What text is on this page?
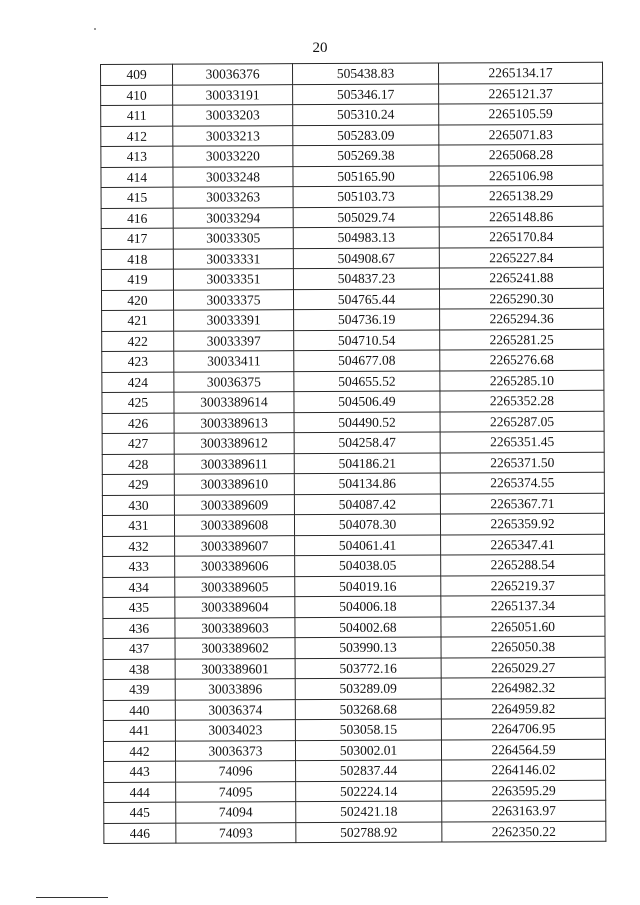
20
409	30036376	505438.83	2265134.17
410	30033191	505346.17	2265121.37
411	30033203	505310.24	2265105.59
412	30033213	505283.09	2265071.83
413	30033220	505269.38	2265068.28
414	30033248	505165.90	2265106.98
415	30033263	505103.73	2265138.29
416	30033294	505029.74	2265148.86
417	30033305	504983.13	2265170.84
418	30033331	504908.67	2265227.84
419	30033351	504837.23	2265241.88
420	30033375	504765.44	2265290.30
421	30033391	504736.19	2265294.36
422	30033397	504710.54	2265281.25
423	30033411	504677.08	2265276.68
424	30036375	504655.52	2265285.10
425	3003389614	504506.49	2265352.28
426	3003389613	504490.52	2265287.05
427	3003389612	504258.47	2265351.45
428	3003389611	504186.21	2265371.50
429	3003389610	504134.86	2265374.55
430	3003389609	504087.42	2265367.71
431	3003389608	504078.30	2265359.92
432	3003389607	504061.41	2265347.41
433	3003389606	504038.05	2265288.54
434	3003389605	504019.16	2265219.37
435	3003389604	504006.18	2265137.34
436	3003389603	504002.68	2265051.60
437	3003389602	503990.13	2265050.38
438	3003389601	503772.16	2265029.27
439	30033896	503289.09	2264982.32
440	30036374	503268.68	2264959.82
441	30034023	503058.15	2264706.95
442	30036373	503002.01	2264564.59
443	74096	502837.44	2264146.02
444	74095	502224.14	2263595.29
445	74094	502421.18	2263163.97
446	74093	502788.92	2262350.22
